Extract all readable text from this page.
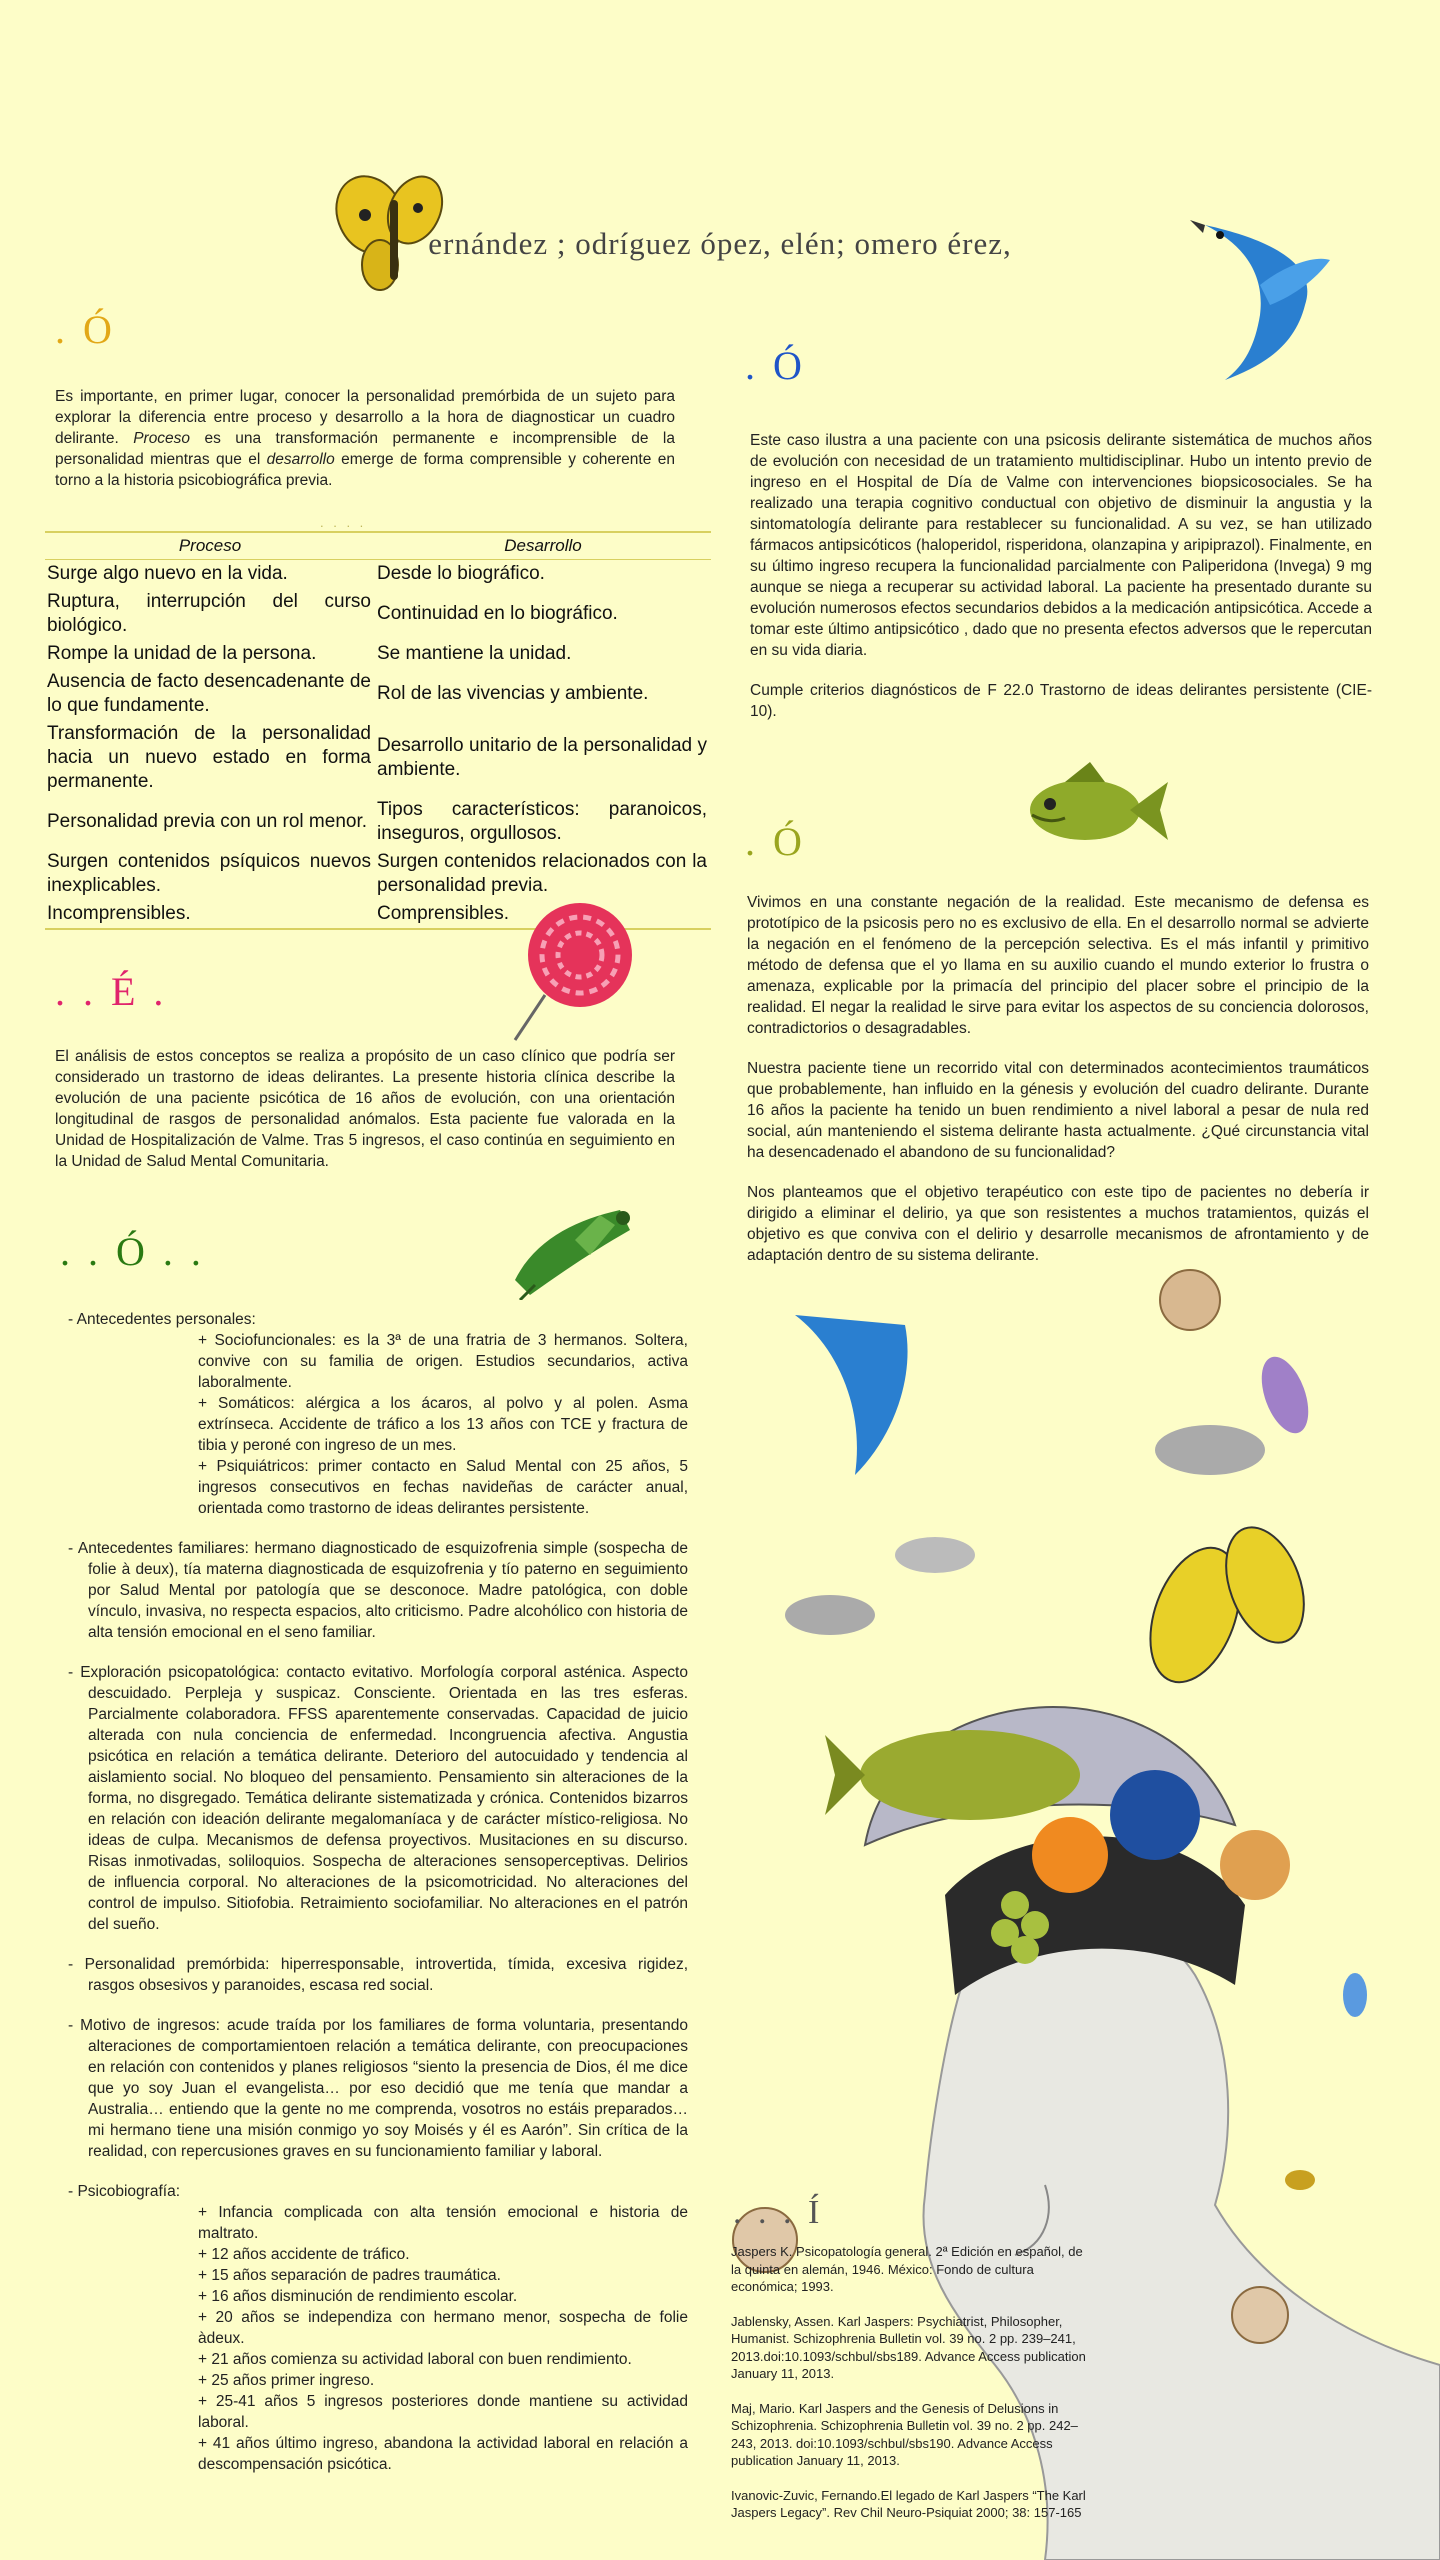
ernández ; odríguez ópez, elén; omero érez,
. Ó
Es importante, en primer lugar, conocer la personalidad premórbida de un sujeto para explorar la diferencia entre proceso y desarrollo a la hora de diagnosticar un cuadro delirante. Proceso es una transformación permanente e incomprensible de la personalidad mientras que el desarrollo emerge de forma comprensible y coherente en torno a la historia psicobiográfica previa.
. . . .
Proceso	Desarrollo
Surge algo nuevo en la vida.	Desde lo biográfico.
Ruptura, interrupción del curso biológico.	Continuidad en lo biográfico.
Rompe la unidad de la persona.	Se mantiene la unidad.
Ausencia de facto desencadenante de lo que fundamente.	Rol de las vivencias y ambiente.
Transformación de la personalidad hacia un nuevo estado en forma permanente.	Desarrollo unitario de la personalidad y ambiente.
Personalidad previa con un rol menor.	Tipos característicos: paranoicos, inseguros, orgullosos.
Surgen contenidos psíquicos nuevos inexplicables.	Surgen contenidos relacionados con la personalidad previa.
Incomprensibles.	Comprensibles.
. . É .
El análisis de estos conceptos se realiza a propósito de un caso clínico que podría ser considerado un trastorno de ideas delirantes. La presente historia clínica describe la evolución de una paciente psicótica de 16 años de evolución, con una orientación longitudinal de rasgos de personalidad anómalos. Esta paciente fue valorada en la Unidad de Hospitalización de Valme. Tras 5 ingresos, el caso continúa en seguimiento en la Unidad de Salud Mental Comunitaria.
. . Ó . .
- Antecedentes personales:
+ Sociofuncionales: es la 3ª de una fratria de 3 hermanos. Soltera, convive con su familia de origen. Estudios secundarios, activa laboralmente.
+ Somáticos: alérgica a los ácaros, al polvo y al polen. Asma extrínseca. Accidente de tráfico a los 13 años con TCE y fractura de tibia y peroné con ingreso de un mes.
+ Psiquiátricos: primer contacto en Salud Mental con 25 años, 5 ingresos consecutivos en fechas navideñas de carácter anual, orientada como trastorno de ideas delirantes persistente.
- Antecedentes familiares: hermano diagnosticado de esquizofrenia simple (sospecha de folie à deux), tía materna diagnosticada de esquizofrenia y tío paterno en seguimiento por Salud Mental por patología que se desconoce. Madre patológica, con doble vínculo, invasiva, no respecta espacios, alto criticismo. Padre alcohólico con historia de alta tensión emocional en el seno familiar.
- Exploración psicopatológica: contacto evitativo. Morfología corporal asténica. Aspecto descuidado. Perpleja y suspicaz. Consciente. Orientada en las tres esferas. Parcialmente colaboradora. FFSS aparentemente conservadas. Capacidad de juicio alterada con nula conciencia de enfermedad. Incongruencia afectiva. Angustia psicótica en relación a temática delirante. Deterioro del autocuidado y tendencia al aislamiento social. No bloqueo del pensamiento. Pensamiento sin alteraciones de la forma, no disgregado. Temática delirante sistematizada y crónica. Contenidos bizarros en relación con ideación delirante megalomaníaca y de carácter místico-religiosa. No ideas de culpa. Mecanismos de defensa proyectivos. Musitaciones en su discurso. Risas inmotivadas, soliloquios. Sospecha de alteraciones sensoperceptivas. Delirios de influencia corporal. No alteraciones de la psicomotricidad. No alteraciones del control de impulso. Sitiofobia. Retraimiento sociofamiliar. No alteraciones en el patrón del sueño.
- Personalidad premórbida: hiperresponsable, introvertida, tímida, excesiva rigidez, rasgos obsesivos y paranoides, escasa red social.
- Motivo de ingresos: acude traída por los familiares de forma voluntaria, presentando alteraciones de comportamientoen relación a temática delirante, con preocupaciones en relación con contenidos y planes religiosos “siento la presencia de Dios, él me dice que yo soy Juan el evangelista… por eso decidió que me tenía que mandar a Australia… entiendo que la gente no me comprenda, vosotros no estáis preparados… mi hermano tiene una misión conmigo yo soy Moisés y él es Aarón”. Sin crítica de la realidad, con repercusiones graves en su funcionamiento familiar y laboral.
- Psicobiografía:
+ Infancia complicada con alta tensión emocional e historia de maltrato.
+ 12 años accidente de tráfico.
+ 15 años separación de padres traumática.
+ 16 años disminución de rendimiento escolar.
+ 20 años se independiza con hermano menor, sospecha de folie àdeux.
+ 21 años comienza su actividad laboral con buen rendimiento.
+ 25 años primer ingreso.
+ 25-41 años 5 ingresos posteriores donde mantiene su actividad laboral.
+ 41 años último ingreso, abandona la actividad laboral en relación a descompensación psicótica.
. Ó

Este caso ilustra a una paciente con una psicosis delirante sistemática de muchos años de evolución con necesidad de un tratamiento multidisciplinar. Hubo un intento previo de ingreso en el Hospital de Día de Valme con intervenciones biopsicosociales. Se ha realizado una terapia cognitivo conductual con objetivo de disminuir la angustia y la sintomatología delirante para restablecer su funcionalidad. A su vez, se han utilizado fármacos antipsicóticos (haloperidol, risperidona, olanzapina y aripiprazol). Finalmente, en su último ingreso recupera la funcionalidad parcialmente con Paliperidona (Invega) 9 mg aunque se niega a recuperar su actividad laboral. La paciente ha presentado durante su evolución numerosos efectos secundarios debidos a la medicación antipsicótica. Accede a tomar este último antipsicótico , dado que no presenta efectos adversos que le repercutan en su vida diaria.

Cumple criterios diagnósticos de F 22.0 Trastorno de ideas delirantes persistente (CIE-10).

. Ó

Vivimos en una constante negación de la realidad. Este mecanismo de defensa es prototípico de la psicosis pero no es exclusivo de ella. En el desarrollo normal se advierte la negación en el fenómeno de la percepción selectiva. Es el más infantil y primitivo método de defensa que el yo llama en su auxilio cuando el mundo exterior lo frustra o amenaza, explicable por la primacía del principio del placer sobre el principio de la realidad. El negar la realidad le sirve para evitar los aspectos de su conciencia dolorosos, contradictorios o desagradables.

Nuestra paciente tiene un recorrido vital con determinados acontecimientos traumáticos que probablemente, han influido en la génesis y evolución del cuadro delirante. Durante 16 años la paciente ha tenido un buen rendimiento a nivel laboral a pesar de nula red social, aún manteniendo el sistema delirante hasta actualmente. ¿Qué circunstancia vital ha desencadenado el abandono de su funcionalidad?

Nos planteamos que el objetivo terapéutico con este tipo de pacientes no debería ir dirigido a eliminar el delirio, ya que son resistentes a muchos tratamientos, quizás el objetivo es que conviva con el delirio y desarrolle mecanismos de afrontamiento y de adaptación dentro de su sistema delirante.

. . . Í

Jaspers K. Psicopatología general. 2ª Edición en español, de la quinta en alemán, 1946. México: Fondo de cultura económica; 1993.

Jablensky, Assen. Karl Jaspers: Psychiatrist, Philosopher, Humanist. Schizophrenia Bulletin vol. 39 no. 2 pp. 239–241, 2013.doi:10.1093/schbul/sbs189. Advance Access publication January 11, 2013.

Maj, Mario. Karl Jaspers and the Genesis of Delusions in Schizophrenia. Schizophrenia Bulletin vol. 39 no. 2 pp. 242–243, 2013. doi:10.1093/schbul/sbs190. Advance Access publication January 11, 2013.

Ivanovic-Zuvic, Fernando.El legado de Karl Jaspers “The Karl Jaspers Legacy”. Rev Chil Neuro-Psiquiat 2000; 38: 157-165
